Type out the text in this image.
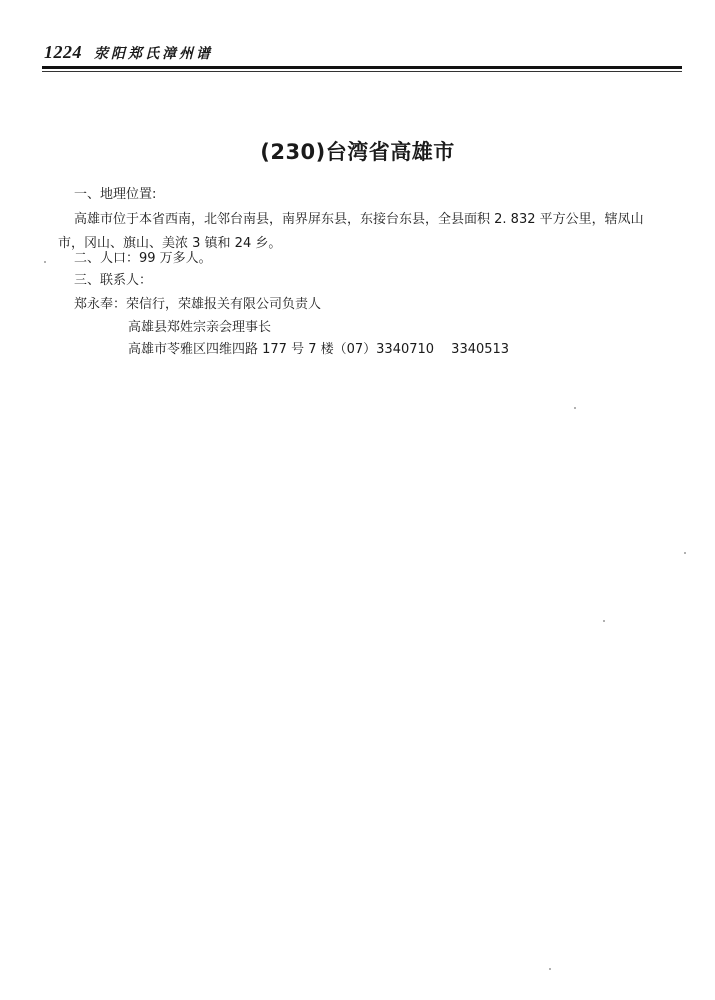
1224 荥阳郑氏漳州谱
(230)台湾省高雄市
一、地理位置:
高雄市位于本省西南，北邻台南县，南界屏东县，东接台东县，全县面积 2. 832 平方公里，辖凤山
市，冈山、旗山、美浓 3 镇和 24 乡。
二、人口：99 万多人。
三、联系人：
郑永奉：荣信行，荣雄报关有限公司负责人
高雄县郑姓宗亲会理事长
高雄市苓雅区四维四路 177 号 7 楼（07）3340710　 3340513
